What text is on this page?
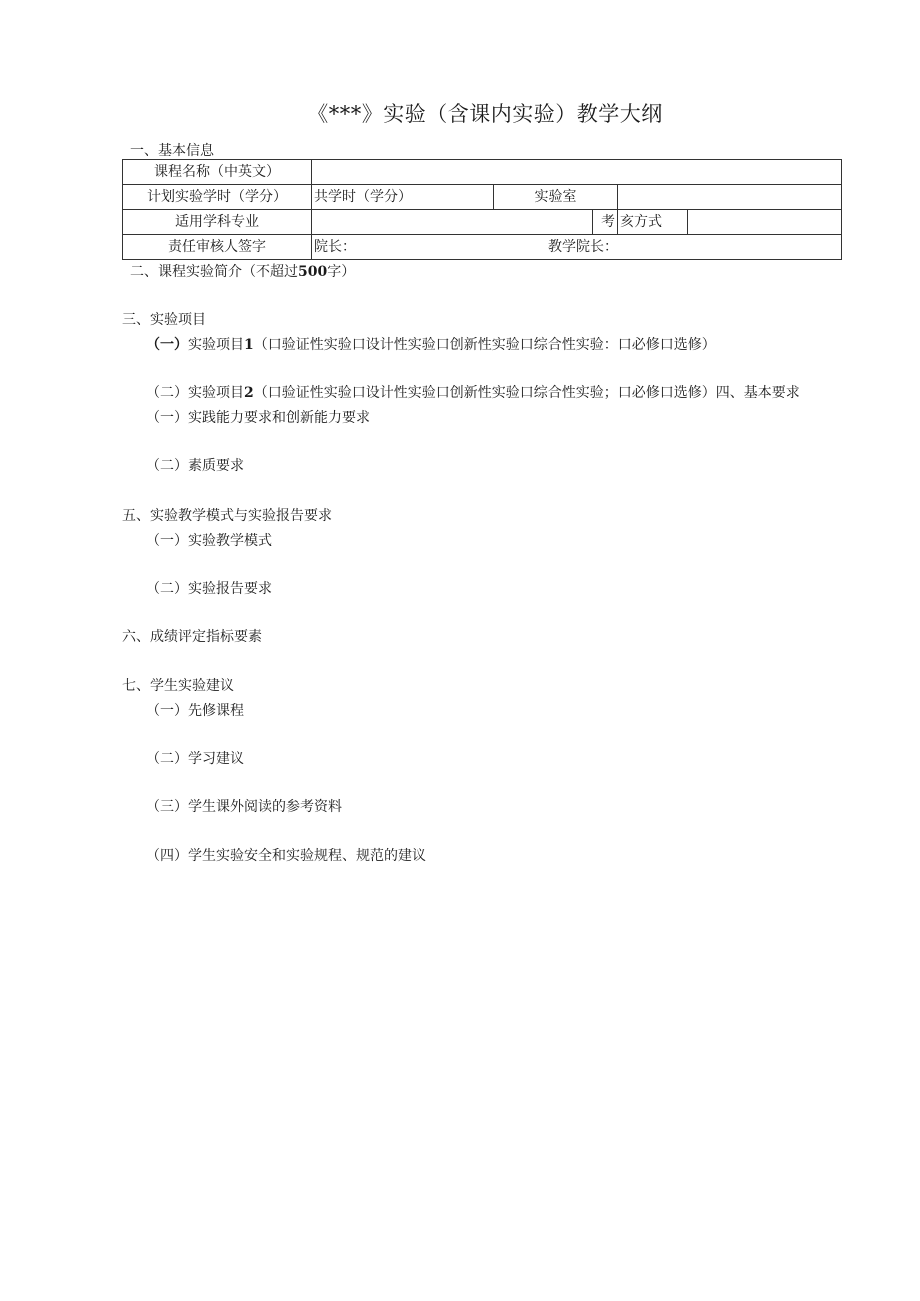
《***》实验（含课内实验）教学大纲
一、基本信息
课程名称（中英文）					
计划实验学时（学分）	共学时（学分）	实验室			
适用学科专业			考	亥方式	
责任审核人签字	院长： 教学院长：				
二、课程实验简介（不超过500字）
三、实验项目
（一）实验项目1（口验证性实验口设计性实验口创新性实验口综合性实验：口必修口选修）
（二）实验项目2（口验证性实验口设计性实验口创新性实验口综合性实验；口必修口选修）四、基本要求
（一）实践能力要求和创新能力要求
（二）素质要求
五、实验教学模式与实验报告要求
（一）实验教学模式
（二）实验报告要求
六、成绩评定指标要素
七、学生实验建议
（一）先修课程
（二）学习建议
（三）学生课外阅读的参考资料
（四）学生实验安全和实验规程、规范的建议
